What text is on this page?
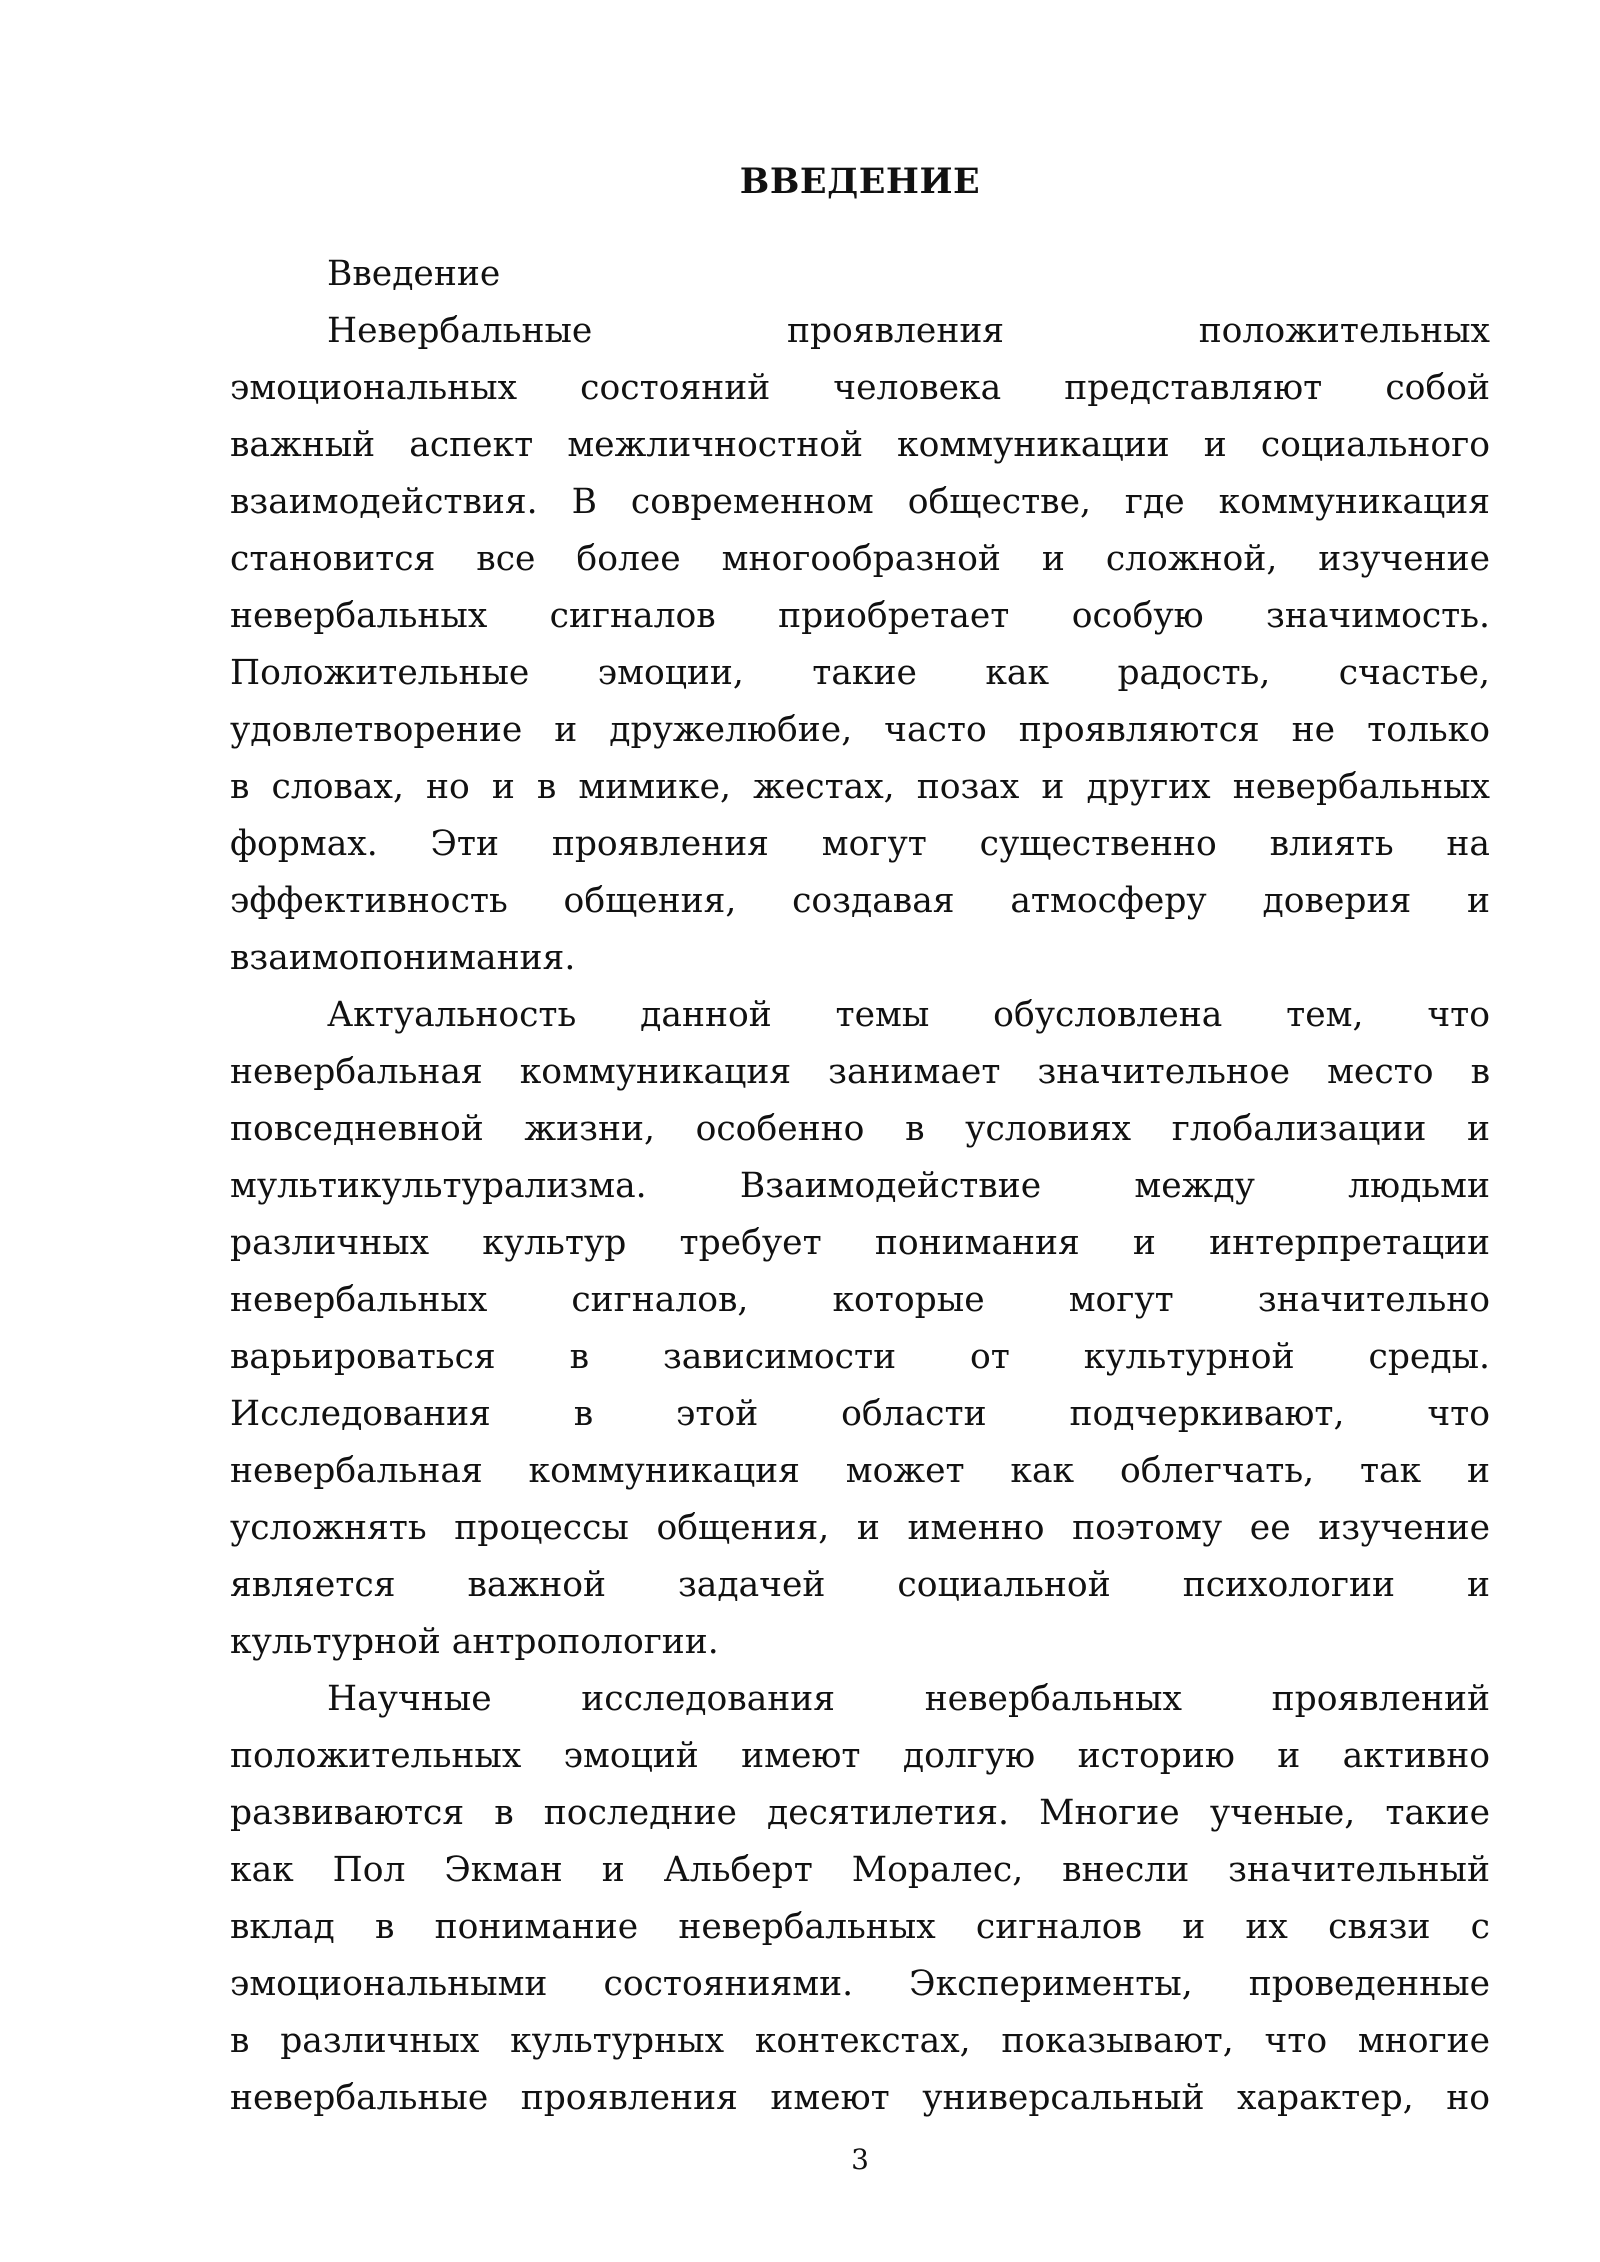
ВВЕДЕНИЕ

Введение

Невербальные проявления положительных
эмоциональных состояний человека представляют собой
важный аспект межличностной коммуникации и социального
взаимодействия. В современном обществе, где коммуникация
становится все более многообразной и сложной, изучение
невербальных сигналов приобретает особую значимость.
Положительные эмоции, такие как радость, счастье,
удовлетворение и дружелюбие, часто проявляются не только
в словах, но и в мимике, жестах, позах и других невербальных
формах. Эти проявления могут существенно влиять на
эффективность общения, создавая атмосферу доверия и
взаимопонимания.

Актуальность данной темы обусловлена тем, что
невербальная коммуникация занимает значительное место в
повседневной жизни, особенно в условиях глобализации и
мультикультурализма. Взаимодействие между людьми
различных культур требует понимания и интерпретации
невербальных сигналов, которые могут значительно
варьироваться в зависимости от культурной среды.
Исследования в этой области подчеркивают, что
невербальная коммуникация может как облегчать, так и
усложнять процессы общения, и именно поэтому ее изучение
является важной задачей социальной психологии и
культурной антропологии.

Научные исследования невербальных проявлений
положительных эмоций имеют долгую историю и активно
развиваются в последние десятилетия. Многие ученые, такие
как Пол Экман и Альберт Моралес, внесли значительный
вклад в понимание невербальных сигналов и их связи с
эмоциональными состояниями. Эксперименты, проведенные
в различных культурных контекстах, показывают, что многие
невербальные проявления имеют универсальный характер, но

3
